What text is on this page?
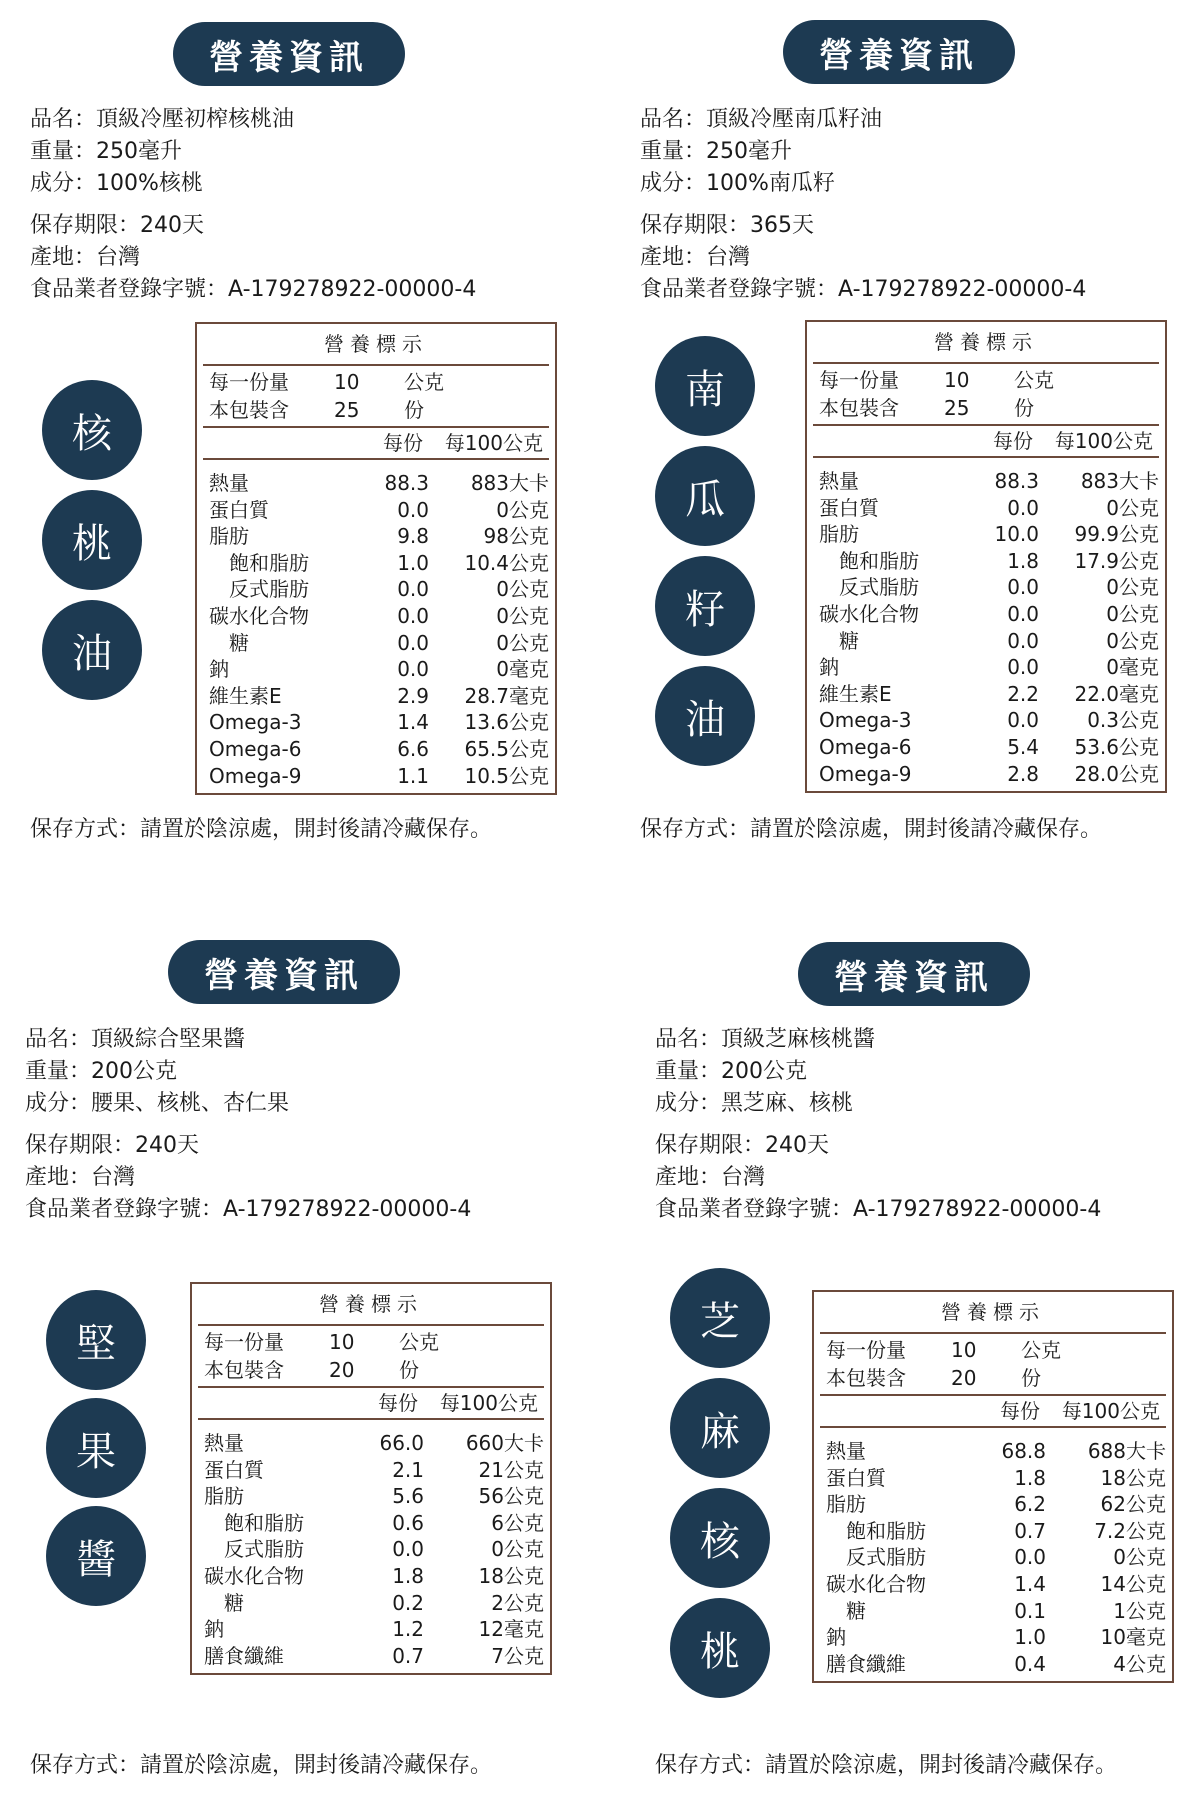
營養資訊
品名：頂級冷壓初榨核桃油
重量：250毫升
成分：100%核桃
保存期限：240天
產地：台灣
食品業者登錄字號：A-179278922-00000-4
核
桃
油
營養標示
每一份量	10	公克
本包裝含	25	份
每份	每100公克
熱量	88.3	883大卡
蛋白質	0.0	0公克
脂肪	9.8	98公克
飽和脂肪	1.0	10.4公克
反式脂肪	0.0	0公克
碳水化合物	0.0	0公克
糖	0.0	0公克
鈉	0.0	0毫克
維生素E	2.9	28.7毫克
Omega-3	1.4	13.6公克
Omega-6	6.6	65.5公克
Omega-9	1.1	10.5公克
保存方式：請置於陰涼處，開封後請冷藏保存。
營養資訊
品名：頂級冷壓南瓜籽油
重量：250毫升
成分：100%南瓜籽
保存期限：365天
產地：台灣
食品業者登錄字號：A-179278922-00000-4
南
瓜
籽
油
營養標示
每一份量	10	公克
本包裝含	25	份
每份	每100公克
熱量	88.3	883大卡
蛋白質	0.0	0公克
脂肪	10.0	99.9公克
飽和脂肪	1.8	17.9公克
反式脂肪	0.0	0公克
碳水化合物	0.0	0公克
糖	0.0	0公克
鈉	0.0	0毫克
維生素E	2.2	22.0毫克
Omega-3	0.0	0.3公克
Omega-6	5.4	53.6公克
Omega-9	2.8	28.0公克
保存方式：請置於陰涼處，開封後請冷藏保存。
營養資訊
品名：頂級綜合堅果醬
重量：200公克
成分：腰果、核桃、杏仁果
保存期限：240天
產地：台灣
食品業者登錄字號：A-179278922-00000-4
堅
果
醬
營養標示
每一份量	10	公克
本包裝含	20	份
每份	每100公克
熱量	66.0	660大卡
蛋白質	2.1	21公克
脂肪	5.6	56公克
飽和脂肪	0.6	6公克
反式脂肪	0.0	0公克
碳水化合物	1.8	18公克
糖	0.2	2公克
鈉	1.2	12毫克
膳食纖維	0.7	7公克
保存方式：請置於陰涼處，開封後請冷藏保存。
營養資訊
品名：頂級芝麻核桃醬
重量：200公克
成分：黑芝麻、核桃
保存期限：240天
產地：台灣
食品業者登錄字號：A-179278922-00000-4
芝
麻
核
桃
營養標示
每一份量	10	公克
本包裝含	20	份
每份	每100公克
熱量	68.8	688大卡
蛋白質	1.8	18公克
脂肪	6.2	62公克
飽和脂肪	0.7	7.2公克
反式脂肪	0.0	0公克
碳水化合物	1.4	14公克
糖	0.1	1公克
鈉	1.0	10毫克
膳食纖維	0.4	4公克
保存方式：請置於陰涼處，開封後請冷藏保存。
